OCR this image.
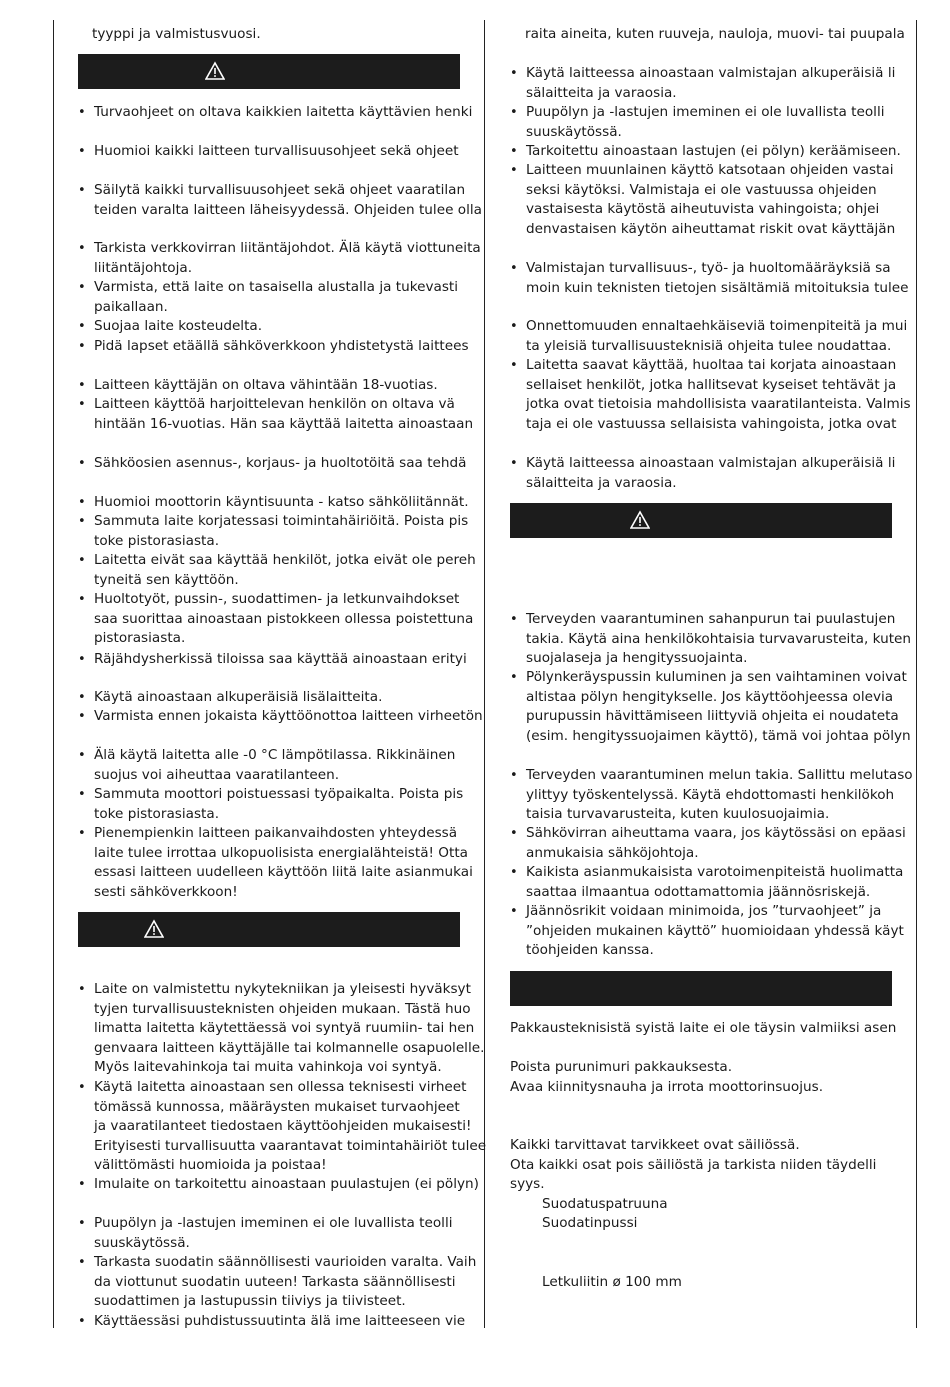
tyyppi ja valmistusvuosi.
• Turvaohjeet on oltava kaikkien laitetta käyttävien henki
• Huomioi kaikki laitteen turvallisuusohjeet sekä ohjeet
• Säilytä kaikki turvallisuusohjeet sekä ohjeet vaaratilan
teiden varalta laitteen läheisyydessä. Ohjeiden tulee olla
• Tarkista verkkovirran liitäntäjohdot. Älä käytä viottuneita
liitäntäjohtoja.
• Varmista, että laite on tasaisella alustalla ja tukevasti
paikallaan.
• Suojaa laite kosteudelta.
• Pidä lapset etäällä sähköverkkoon yhdistetystä laittees
• Laitteen käyttäjän on oltava vähintään 18-vuotias.
• Laitteen käyttöä harjoittelevan henkilön on oltava vä
hintään 16-vuotias. Hän saa käyttää laitetta ainoastaan
• Sähköosien asennus-, korjaus- ja huoltotöitä saa tehdä
• Huomioi moottorin käyntisuunta - katso sähköliitännät.
• Sammuta laite korjatessasi toimintahäiriöitä. Poista pis
toke pistorasiasta.
• Laitetta eivät saa käyttää henkilöt, jotka eivät ole pereh
tyneitä sen käyttöön.
• Huoltotyöt, pussin-, suodattimen- ja letkunvaihdokset
saa suorittaa ainoastaan pistokkeen ollessa poistettuna
pistorasiasta.
• Räjähdysherkissä tiloissa saa käyttää ainoastaan erityi
• Käytä ainoastaan alkuperäisiä lisälaitteita.
• Varmista ennen jokaista käyttöönottoa laitteen virheetön
• Älä käytä laitetta alle -0 °C lämpötilassa. Rikkinäinen
suojus voi aiheuttaa vaaratilanteen.
• Sammuta moottori poistuessasi työpaikalta. Poista pis
toke pistorasiasta.
• Pienempienkin laitteen paikanvaihdosten yhteydessä
laite tulee irrottaa ulkopuolisista energialähteistä! Otta
essasi laitteen uudelleen käyttöön liitä laite asianmukai
sesti sähköverkkoon!
• Laite on valmistettu nykytekniikan ja yleisesti hyväksyt
tyjen turvallisuusteknisten ohjeiden mukaan. Tästä huo
limatta laitetta käytettäessä voi syntyä ruumiin- tai hen
genvaara laitteen käyttäjälle tai kolmannelle osapuolelle.
Myös laitevahinkoja tai muita vahinkoja voi syntyä.
• Käytä laitetta ainoastaan sen ollessa teknisesti virheet
tömässä kunnossa, määräysten mukaiset turvaohjeet
ja vaaratilanteet tiedostaen käyttöohjeiden mukaisesti!
Erityisesti turvallisuutta vaarantavat toimintahäiriöt tulee
välittömästi huomioida ja poistaa!
• Imulaite on tarkoitettu ainoastaan puulastujen (ei pölyn)
• Puupölyn ja -lastujen imeminen ei ole luvallista teolli
suuskäytössä.
• Tarkasta suodatin säännöllisesti vaurioiden varalta. Vaih
da viottunut suodatin uuteen! Tarkasta säännöllisesti
suodattimen ja lastupussin tiiviys ja tiivisteet.
• Käyttäessäsi puhdistussuutinta älä ime laitteeseen vie
raita aineita, kuten ruuveja, nauloja, muovi- tai puupala
• Käytä laitteessa ainoastaan valmistajan alkuperäisiä li
sälaitteita ja varaosia.
• Puupölyn ja -lastujen imeminen ei ole luvallista teolli
suuskäytössä.
• Tarkoitettu ainoastaan lastujen (ei pölyn) keräämiseen.
• Laitteen muunlainen käyttö katsotaan ohjeiden vastai
seksi käytöksi. Valmistaja ei ole vastuussa ohjeiden
vastaisesta käytöstä aiheutuvista vahingoista; ohjei
denvastaisen käytön aiheuttamat riskit ovat käyttäjän
• Valmistajan turvallisuus-, työ- ja huoltomääräyksiä sa
moin kuin teknisten tietojen sisältämiä mitoituksia tulee
• Onnettomuuden ennaltaehkäiseviä toimenpiteitä ja mui
ta yleisiä turvallisuusteknisiä ohjeita tulee noudattaa.
• Laitetta saavat käyttää, huoltaa tai korjata ainoastaan
sellaiset henkilöt, jotka hallitsevat kyseiset tehtävät ja
jotka ovat tietoisia mahdollisista vaaratilanteista. Valmis
taja ei ole vastuussa sellaisista vahingoista, jotka ovat
• Käytä laitteessa ainoastaan valmistajan alkuperäisiä li
sälaitteita ja varaosia.
• Terveyden vaarantuminen sahanpurun tai puulastujen
takia. Käytä aina henkilökohtaisia turvavarusteita, kuten
suojalaseja ja hengityssuojainta.
• Pölynkeräyspussin kuluminen ja sen vaihtaminen voivat
altistaa pölyn hengitykselle. Jos käyttöohjeessa olevia
purupussin hävittämiseen liittyviä ohjeita ei noudateta
(esim. hengityssuojaimen käyttö), tämä voi johtaa pölyn
• Terveyden vaarantuminen melun takia. Sallittu melutaso
ylittyy työskentelyssä. Käytä ehdottomasti henkilökoh
taisia turvavarusteita, kuten kuulosuojaimia.
• Sähkövirran aiheuttama vaara, jos käytössäsi on epäasi
anmukaisia sähköjohtoja.
• Kaikista asianmukaisista varotoimenpiteistä huolimatta
saattaa ilmaantua odottamattomia jäännösriskejä.
• Jäännösrikit voidaan minimoida, jos ”turvaohjeet” ja
”ohjeiden mukainen käyttö” huomioidaan yhdessä käyt
töohjeiden kanssa.
Pakkausteknisistä syistä laite ei ole täysin valmiiksi asen
Poista purunimuri pakkauksesta.
Avaa kiinnitysnauha ja irrota moottorinsuojus.
Kaikki tarvittavat tarvikkeet ovat säiliössä.
Ota kaikki osat pois säiliöstä ja tarkista niiden täydelli
syys.
Suodatuspatruuna
Suodatinpussi
Letkuliitin ø 100 mm
